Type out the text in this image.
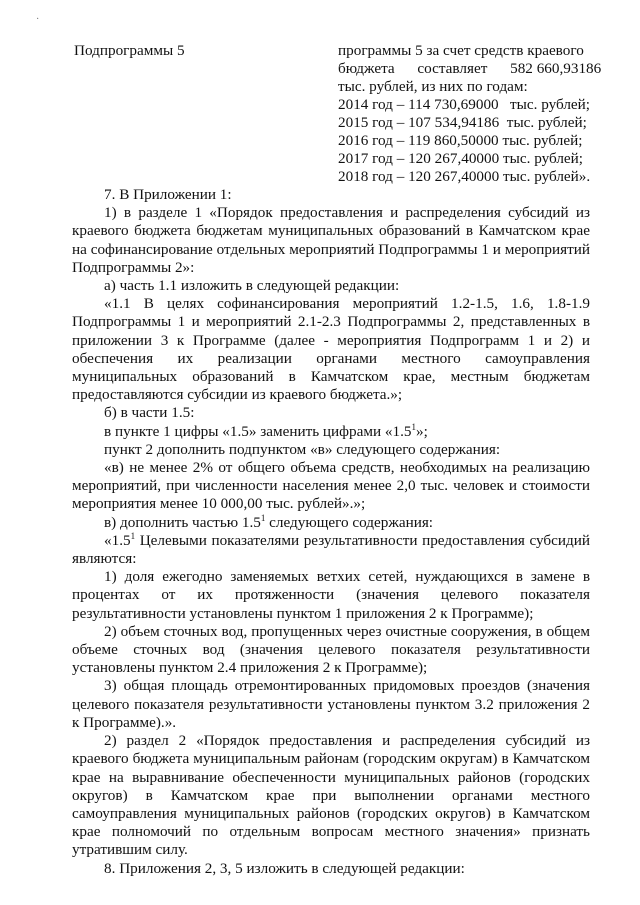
·
Подпрограммы 5	программы 5 за счет средств краевого
бюджета      составляет      582 660,93186
тыс. рублей, из них по годам:
2014 год – 114 730,69000   тыс. рублей;
2015 год – 107 534,94186  тыс. рублей;
2016 год – 119 860,50000 тыс. рублей;
2017 год – 120 267,40000 тыс. рублей;
2018 год – 120 267,40000 тыс. рублей».

7. В Приложении 1:

1) в разделе 1 «Порядок предоставления и распределения субсидий из краевого бюджета бюджетам муниципальных образований в Камчатском крае на софинансирование отдельных мероприятий Подпрограммы 1 и мероприятий Подпрограммы 2»:

а) часть 1.1 изложить в следующей редакции:

«1.1 В целях софинансирования мероприятий 1.2-1.5, 1.6, 1.8-1.9 Подпрограммы 1 и мероприятий 2.1-2.3 Подпрограммы 2, представленных в приложении 3 к Программе (далее - мероприятия Подпрограмм 1 и 2) и обеспечения их реализации органами местного самоуправления муниципальных образований в Камчатском крае, местным бюджетам предоставляются субсидии из краевого бюджета.»;

б) в части 1.5:

в пункте 1 цифры «1.5» заменить цифрами «$1.5^1$»;

пункт 2 дополнить подпунктом «в» следующего содержания:

«в) не менее 2% от общего объема средств, необходимых на реализацию мероприятий, при численности населения менее 2,0 тыс. человек и стоимости мероприятия менее 10 000,00 тыс. рублей».»;

в) дополнить частью $1.5^1$ следующего содержания:

«$1.5^1$ Целевыми показателями результативности предоставления субсидий являются:

1) доля ежегодно заменяемых ветхих сетей, нуждающихся в замене в процентах от их протяженности (значения целевого показателя результативности установлены пунктом 1 приложения 2 к Программе);

2) объем сточных вод, пропущенных через очистные сооружения, в общем объеме сточных вод (значения целевого показателя результативности установлены пунктом 2.4 приложения 2 к Программе);

3) общая площадь отремонтированных придомовых проездов (значения целевого показателя результативности установлены пунктом 3.2 приложения 2 к Программе).».

2) раздел 2 «Порядок предоставления и распределения субсидий из краевого бюджета муниципальным районам (городским округам) в Камчатском крае на выравнивание обеспеченности муниципальных районов (городских округов) в Камчатском крае при выполнении органами местного самоуправления муниципальных районов (городских округов) в Камчатском крае полномочий по отдельным вопросам местного значения» признать утратившим силу.

8. Приложения 2, 3, 5 изложить в следующей редакции:
